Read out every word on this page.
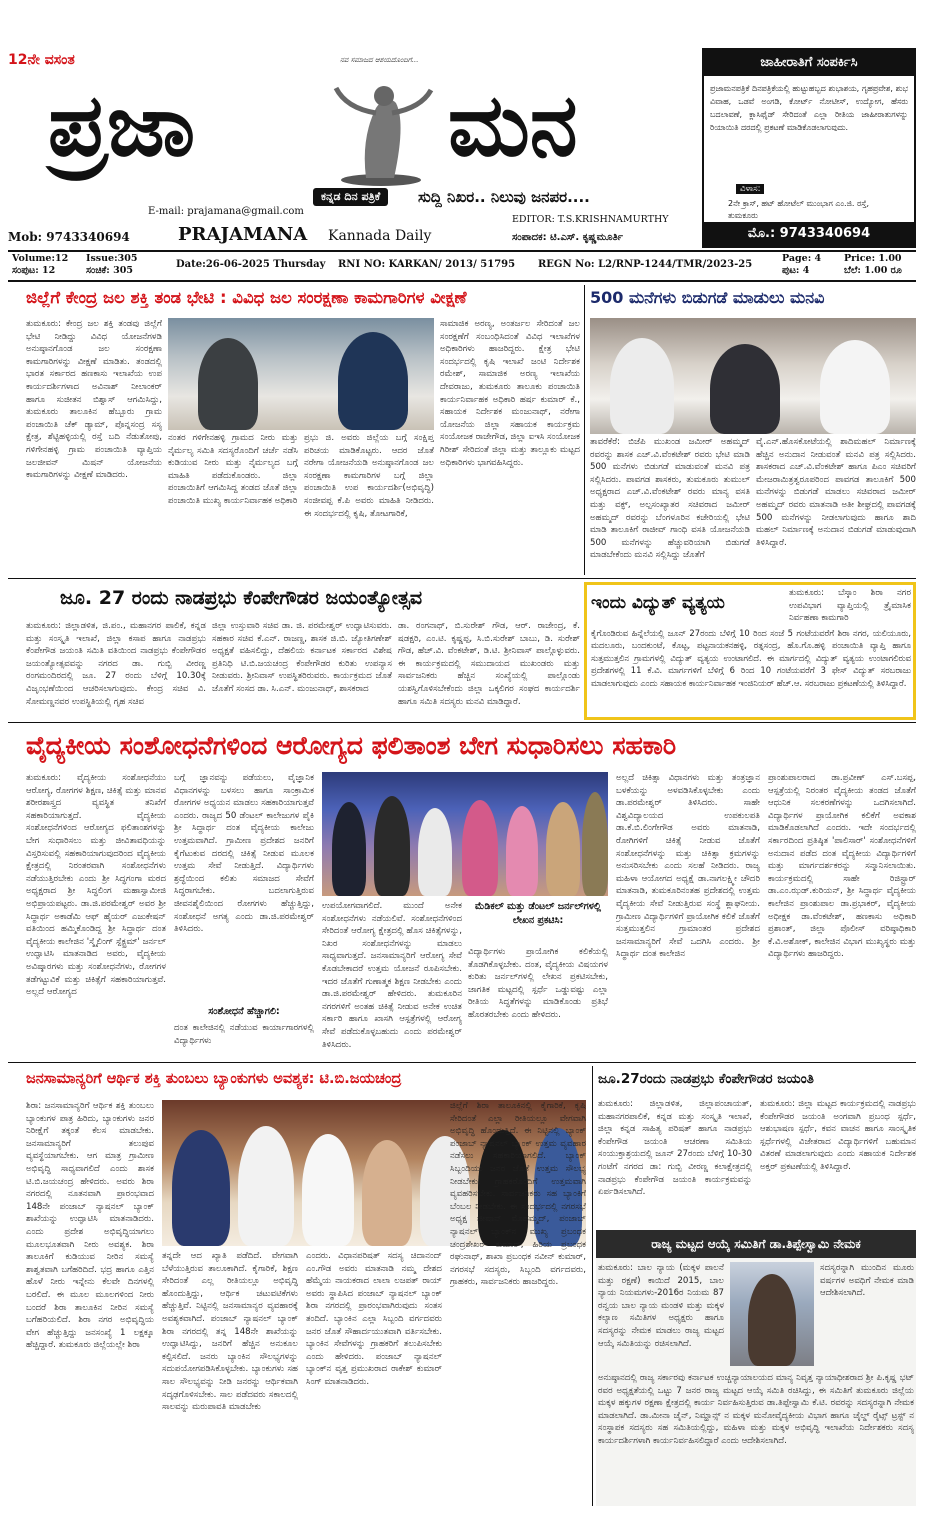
12ನೇ ವಸಂತ
ಪ್ರಜಾ
ನವ ಸಮಾಜದ ಆಶಯದೊಂದಿಗೆ...
ಮನ
ಕನ್ನಡ ದಿನ ಪತ್ರಿಕೆ	ಸುದ್ದಿ ನಿಖರ.. ನಿಲುವು ಜನಪರ....
E-mail: prajamana@gmail.com
Mob: 9743340694	PRAJAMANA Kannada Daily
EDITOR: T.S.KRISHNAMURTHY
ಸಂಪಾದಕ: ಟಿ.ಎಸ್. ಕೃಷ್ಣಮೂರ್ತಿ
ಜಾಹೀರಾತಿಗೆ ಸಂಪರ್ಕಿಸಿ
ಪ್ರಜಾಮನಪತ್ರಿಕೆ ದಿನಪತ್ರಿಕೆಯಲ್ಲಿ ಹುಟ್ಟುಹಬ್ಬದ ಶುಭಾಶಯ, ಗೃಹಪ್ರವೇಶ, ಶುಭ ವಿವಾಹ, ಒಡವೆ ಅಂಗಡಿ, ಕೋರ್ಟ್ ನೋಟೀಸ್, ಉದ್ಯೋಗ, ಹೆಸರು ಬದಲಾವಣೆ, ಕ್ಲಾಸಿಫೈಡ್ ಸೇರಿದಂತೆ ಎಲ್ಲಾ ರೀತಿಯ ಜಾಹೀರಾತುಗಳನ್ನು ರಿಯಾಯಿತಿ ದರದಲ್ಲಿ ಪ್ರಕಟಣೆ ಮಾಡಿಕೊಡಲಾಗುವುದು.
ವಿಳಾಸ:
2ನೇ ಕ್ರಾಸ್, ಹಟ್ ಹೋಟೆಲ್ ಮುಂಭಾಗ ಎಂ.ಜಿ. ರಸ್ತೆ, ತುಮಕೂರು
ಮೊ.: 9743340694
Volume:12
ಸಂಪುಟ: 12
Issue:305
ಸಂಚಿಕೆ: 305
Date:26-06-2025 Thursday RNI NO: KARKAN/ 2013/ 51795 REGN No: L2/RNP-1244/TMR/2023-25
Page: 4
ಪುಟ: 4
Price: 1.00
ಬೆಲೆ: 1.00 ರೂ
ಜಿಲ್ಲೆಗೆ ಕೇಂದ್ರ ಜಲ ಶಕ್ತಿ ತಂಡ ಭೇಟಿ : ವಿವಿಧ ಜಲ ಸಂರಕ್ಷಣಾ ಕಾಮಗಾರಿಗಳ ವೀಕ್ಷಣೆ
ತುಮಕೂರು: ಕೇಂದ್ರ ಜಲ ಶಕ್ತಿ ತಂಡವು ಜಿಲ್ಲೆಗೆ ಭೇಟಿ ನೀಡಿದ್ದು ವಿವಿಧ ಯೋಜನೆಗಳಡಿ ಅನುಷ್ಠಾನಗೊಂಡ ಜಲ ಸಂರಕ್ಷಣಾ ಕಾಮಗಾರಿಗಳನ್ನು ವೀಕ್ಷಣೆ ಮಾಡಿತು. ತಂಡದಲ್ಲಿ ಭಾರತ ಸರ್ಕಾರದ ಹಣಕಾಸು ಇಲಾಖೆಯ ಉಪ ಕಾರ್ಯದರ್ಶಿಗಳಾದ ಅವಿನಾಶ್ ನೀಲಾಂಕರ್ ಹಾಗೂ ಸುಜೀತನ ಬಿಶ್ವಾಸ್ ಆಗಮಿಸಿದ್ದು, ತುಮಕೂರು ತಾಲೂಕಿನ ಹೆಬ್ಬೂರು ಗ್ರಾಮ ಪಂಚಾಯಿತಿ ಚೆಕ್ ಡ್ಯಾಮ್, ಪೊನ್ನಸಂದ್ರ ಸಸ್ಯ ಕ್ಷೇತ್ರ, ಶೆಟ್ಟಿಹಳ್ಳಿಯಲ್ಲಿ ರಸ್ತೆ ಬದಿ ನೆಡುತೋಪು, ಗಳಿಗೇನಹಳ್ಳಿ ಗ್ರಾಮ ಪಂಚಾಯಿತಿ ವ್ಯಾಪ್ತಿಯ ಜಲಜೀವನ್ ಮಿಷನ್ ಯೋಜನೆಯ ಕಾಮಗಾರಿಗಳನ್ನು ವೀಕ್ಷಣೆ ಮಾಡಿದರು.
ನಂತರ ಗಳಿಗೇನಹಳ್ಳಿ ಗ್ರಾಮದ ನೀರು ಮತ್ತು ನೈರ್ಮಲ್ಯ ಸಮಿತಿ ಸದಸ್ಯರೊಂದಿಗೆ ಚರ್ಚೆ ನಡೆಸಿ ಕುಡಿಯುವ ನೀರು ಮತ್ತು ನೈರ್ಮಲ್ಯದ ಬಗ್ಗೆ ಮಾಹಿತಿ ಪಡೆದುಕೊಂಡರು. ಜಿಲ್ಲಾ ಪಂಚಾಯಿತಿಗೆ ಆಗಮಿಸಿದ್ದ ತಂಡದ ಜೊತೆ ಜಿಲ್ಲಾ ಪಂಚಾಯಿತಿ ಮುಖ್ಯ ಕಾರ್ಯನಿರ್ವಾಹಕ ಅಧಿಕಾರಿ
ಪ್ರಭು ಜಿ. ಅವರು ಜಿಲ್ಲೆಯ ಬಗ್ಗೆ ಸಂಕ್ಷಿಪ್ತ ಪರಿಚಯ ಮಾಡಿಕೊಟ್ಟರು. ಆದರ ಜೊತೆ ನರೇಗಾ ಯೋಜನೆಯಡಿ ಅನುಷ್ಠಾನಗೊಂಡ ಜಲ ಸಂರಕ್ಷಣಾ ಕಾಮಗಾರಿಗಳ ಬಗ್ಗೆ ಜಿಲ್ಲಾ ಪಂಚಾಯಿತಿ ಉಪ ಕಾರ್ಯದರ್ಶಿ(ಅಭಿವೃದ್ಧಿ) ಸಂಜೀವಪ್ಪ ಕೆ.ಪಿ ಅವರು ಮಾಹಿತಿ ನೀಡಿದರು. ಈ ಸಂದರ್ಭದಲ್ಲಿ ಕೃಷಿ, ತೋಟಗಾರಿಕೆ,
ಸಾಮಾಜಿಕ ಅರಣ್ಯ, ಅಂತರ್ಜಲ ಸೇರಿದಂತೆ ಜಲ ಸಂರಕ್ಷಣೆಗೆ ಸಂಬಂಧಿಸಿದಂತೆ ವಿವಿಧ ಇಲಾಖೆಗಳ ಅಧಿಕಾರಿಗಳು ಹಾಜರಿದ್ದರು. ಕ್ಷೇತ್ರ ಭೇಟಿ ಸಂದರ್ಭದಲ್ಲಿ ಕೃಷಿ ಇಲಾಖೆ ಜಂಟಿ ನಿರ್ದೇಶಕ ರಮೇಶ್, ಸಾಮಾಜಿಕ ಅರಣ್ಯ ಇಲಾಖೆಯ ದೇವರಾಜು, ತುಮಕೂರು ತಾಲೂಕು ಪಂಚಾಯಿತಿ ಕಾರ್ಯನಿರ್ವಾಹಕ ಅಧಿಕಾರಿ ಹರ್ಷ ಕುಮಾರ್ ಕೆ., ಸಹಾಯಕ ನಿರ್ದೇಶಕ ಮಂಜುನಾಥ್, ನರೇಗಾ ಯೋಜನೆಯ ಜಿಲ್ಲಾ ಸಹಾಯಕ ಕಾರ್ಯಕ್ರಮ ಸಂಯೋಜಕ ರಾಜೇಗೌಡ, ಜಿಲ್ಲಾ ಐಇಸಿ ಸಂಯೋಜಕ ಗಿರೀಶ್ ಸೇರಿದಂತೆ ಜಿಲ್ಲಾ ಮತ್ತು ತಾಲ್ಲೂಕು ಮಟ್ಟದ ಅಧಿಕಾರಿಗಳು ಭಾಗವಹಿಸಿದ್ದರು.
500 ಮನೆಗಳು ಬಿಡುಗಡೆ ಮಾಡುಲು ಮನವಿ
ತಾವರೆಕೆರೆ: ಬಿಜೆಪಿ ಮುಖಂಡ ಜಮೀರ್ ಅಹಮ್ಮದ್ ರವರನ್ನು ಶಾಸಕ ಎಚ್.ವಿ.ವೆಂಕಟೇಶ್ ರವರು ಭೇಟಿ ಮಾಡಿ 500 ಮನೆಗಳು ಬಿಡುಗಡೆ ಮಾಡುವಂತೆ ಮನವಿ ಪತ್ರ ಸಲ್ಲಿಸಿದರು. ಪಾವಗಡ ಶಾಸಕರು, ತುಮಕೂರು ತುಮುಲ್ ಅಧ್ಯಕ್ಷರಾದ ಎಚ್.ವಿ.ವೆಂಕಟೇಶ್ ರವರು ಮಾನ್ಯ ವಸತಿ ಮತ್ತು ವಕ್ಫ್, ಅಲ್ಪಸಂಖ್ಯಾತರ ಸಚಿವರಾದ ಜಮೀರ್ ಅಹಮ್ಮದ್ ರವರನ್ನು ಬೆಂಗಳೂರಿನ ಕಚೇರಿಯಲ್ಲಿ ಭೇಟಿ ಮಾಡಿ ತಾಲೂಕಿಗೆ ರಾಜೀವ್ ಗಾಂಧಿ ವಸತಿ ಯೋಜನೆಯಡಿ 500 ಮನೆಗಳನ್ನು ಹೆಚ್ಚುವರಿಯಾಗಿ ಬಿಡುಗಡೆ ಮಾಡಬೇಕೆಂದು ಮನವಿ ಸಲ್ಲಿಸಿದ್ದು ಜೊತೆಗೆ
ವೈ.ಎನ್.ಹೊಸಕೋಟೆಯಲ್ಲಿ ಶಾದಿಮಹಲ್ ನಿರ್ಮಾಣಕ್ಕೆ ಹೆಚ್ಚಿನ ಅನುದಾನ ನೀಡುವಂತೆ ಮನವಿ ಪತ್ರ ಸಲ್ಲಿಸಿದರು. ಶಾಸಕರಾದ ಎಚ್.ವಿ.ವೆಂಕಟೇಶ್ ಹಾಗೂ ಪಿಎಂ ಸಚಿವರಿಗೆ ಮೇಜರಾಮಿತ್ರತ್ವರೂಪರಿಂದ ಪಾವಗಡ ತಾಲೂಕಿಗೆ 500 ಮನೆಗಳನ್ನು ಬಿಡುಗಡೆ ಮಾಡಲು ಸಚಿವರಾದ ಜಮೀರ್ ಅಹಮ್ಮದ್ ರವರು ಮಾತನಾಡಿ ಅತೀ ಶೀಘ್ರದಲ್ಲಿ ಪಾವಗಡಕ್ಕೆ 500 ಮನೆಗಳನ್ನು ನೀಡಲಾಗುವುದು ಹಾಗೂ ಶಾದಿ ಮಹಲ್ ನಿರ್ಮಾಣಕ್ಕೆ ಅನುದಾನ ಬಿಡುಗಡೆ ಮಾಡುವುದಾಗಿ ತಿಳಿಸಿದ್ದಾರೆ.
ಜೂ. 27 ರಂದು ನಾಡಪ್ರಭು ಕೆಂಪೇಗೌಡರ ಜಯಂತ್ಯೋತ್ಸವ
ತುಮಕೂರು: ಜಿಲ್ಲಾಡಳಿತ, ಜಿ.ಪಂ., ಮಹಾನಗರ ಪಾಲಿಕೆ, ಕನ್ನಡ ಮತ್ತು ಸಂಸ್ಕೃತಿ ಇಲಾಖೆ, ಜಿಲ್ಲಾ ಕಸಾಪ ಹಾಗೂ ನಾಡಪ್ರಭು ಕೆಂಪೇಗೌಡ ಜಯಂತಿ ಸಮಿತಿ ವತಿಯಿಂದ ನಾಡಪ್ರಭು ಕೆಂಪೇಗೌಡರ ಜಯಂತ್ಯೋತ್ಸವವನ್ನು ನಗರದ ಡಾ. ಗುಬ್ಬಿ ವೀರಣ್ಣ ರಂಗಮಂದಿರದಲ್ಲಿ ಜೂ. 27 ರಂದು ಬೆಳಿಗ್ಗೆ 10.30ಕ್ಕೆ ವಿಜೃಂಭಣೆಯಿಂದ ಆಚರಿಸಲಾಗುವುದು. ಕೇಂದ್ರ ಸಚಿವ ವಿ. ಸೋಮಣ್ಣನವರ ಉಪಸ್ಥಿತಿಯಲ್ಲಿ ಗೃಹ ಸಚಿವ
ಜಿಲ್ಲಾ ಉಸ್ತುವಾರಿ ಸಚಿವ ಡಾ. ಜಿ. ಪರಮೇಶ್ವರ್ ಉದ್ಘಾಟಿಸುವರು. ಸಹಕಾರ ಸಚಿವ ಕೆ.ಎನ್. ರಾಜಣ್ಣ, ಶಾಸಕ ಜಿ.ಬಿ. ಜ್ಯೋತಿಗಣೇಶ್ ಅಧ್ಯಕ್ಷತೆ ವಹಿಸಲಿದ್ದು, ದೆಹಲಿಯ ಕರ್ನಾಟಕ ಸರ್ಕಾರದ ವಿಶೇಷ ಪ್ರತಿನಿಧಿ ಟಿ.ಬಿ.ಜಯಚಂದ್ರ ಕೆಂಪೇಗೌಡರ ಕುರಿತು ಉಪನ್ಯಾಸ ನೀಡುವರು. ಶ್ರೀನಿವಾಸ್ ಉಪಸ್ಥಿತರಿರುವರು. ಕಾರ್ಯಕ್ರಮದ ಜೊತೆ ಜೊತೆಗೆ ಸಂಸದ ಡಾ. ಸಿ.ಎನ್. ಮಂಜುನಾಥ್, ಶಾಸಕರಾದ
ಡಾ. ರಂಗನಾಥ್, ಬಿ.ಸುರೇಶ್ ಗೌಡ, ಆರ್. ರಾಜೇಂದ್ರ, ಕೆ. ಷಡಕ್ಷರಿ, ಎಂ.ಟಿ. ಕೃಷ್ಣಪ್ಪ, ಸಿ.ಬಿ.ಸುರೇಶ್ ಬಾಬು, ಡಿ. ಸುರೇಶ್ ಗೌಡ, ಹೆಚ್.ವಿ. ವೆಂಕಟೇಶ್, ಡಿ.ಟಿ. ಶ್ರೀನಿವಾಸ್ ಪಾಲ್ಗೊಳ್ಳುವರು. ಈ ಕಾರ್ಯಕ್ರಮದಲ್ಲಿ ಸಮುದಾಯದ ಮುಖಂಡರು ಮತ್ತು ಸಾರ್ವಜನಿಕರು ಹೆಚ್ಚಿನ ಸಂಖ್ಯೆಯಲ್ಲಿ ಪಾಲ್ಗೊಂಡು ಯಶಸ್ವಿಗೊಳಿಸಬೇಕೆಂದು ಜಿಲ್ಲಾ ಒಕ್ಕಲಿಗರ ಸಂಘದ ಕಾರ್ಯದರ್ಶಿ ಹಾಗೂ ಸಮಿತಿ ಸದಸ್ಯರು ಮನವಿ ಮಾಡಿದ್ದಾರೆ.
ಇಂದು ವಿದ್ಯುತ್ ವ್ಯತ್ಯಯ	ತುಮಕೂರು: ಬೆಸ್ಕಾಂ ಶಿರಾ ನಗರ ಉಪವಿಭಾಗ ವ್ಯಾಪ್ತಿಯಲ್ಲಿ ತ್ರೈಮಾಸಿಕ ನಿರ್ವಹಣಾ ಕಾಮಗಾರಿ
ಕೈಗೊಂಡಿರುವ ಹಿನ್ನೆಲೆಯಲ್ಲಿ ಜೂನ್ 27ರಂದು ಬೆಳಿಗ್ಗೆ 10 ರಿಂದ ಸಂಜೆ 5 ಗಂಟೆಯವರೆಗೆ ಶಿರಾ ನಗರ, ಯಲಿಯೂರು, ಮದಲೂರು, ಬಂದಕುಂಟೆ, ಕೊಟ್ಟ, ಪಟ್ಟನಾಯಕನಹಳ್ಳಿ, ರತ್ನಸಂದ್ರ, ಹೊ.ಗೊ.ಹಳ್ಳಿ ಪಂಚಾಯಿತಿ ವ್ಯಾಪ್ತಿ ಹಾಗೂ ಸುತ್ತಮುತ್ತಲಿನ ಗ್ರಾಮಗಳಲ್ಲಿ ವಿದ್ಯುತ್ ವ್ಯತ್ಯಯ ಉಂಟಾಗಲಿದೆ. ಈ ಮಾರ್ಗದಲ್ಲಿ ವಿದ್ಯುತ್ ವ್ಯತ್ಯಯ ಉಂಟಾಗಲಿರುವ ಪ್ರದೇಶಗಳಲ್ಲಿ 11 ಕೆ.ವಿ. ಮಾರ್ಗಗಳಿಗೆ ಬೆಳಿಗ್ಗೆ 6 ರಿಂದ 10 ಗಂಟೆಯವರೆಗೆ 3 ಫೇಸ್ ವಿದ್ಯುತ್ ಸರಬರಾಜು ಮಾಡಲಾಗುವುದು ಎಂದು ಸಹಾಯಕ ಕಾರ್ಯನಿರ್ವಾಹಕ ಇಂಜಿನಿಯರ್ ಹೆಚ್.ಆ. ಸರಬರಾಜು ಪ್ರಕಟಣೆಯಲ್ಲಿ ತಿಳಿಸಿದ್ದಾರೆ.
ವೈದ್ಯಕೀಯ ಸಂಶೋಧನೆಗಳಿಂದ ಆರೋಗ್ಯದ ಫಲಿತಾಂಶ ಬೇಗ ಸುಧಾರಿಸಲು ಸಹಕಾರಿ
ತುಮಕೂರು: ವೈದ್ಯಕೀಯ ಸಂಶೋಧನೆಯು ಆರೋಗ್ಯ, ರೋಗಗಳ ಶಿಕ್ಷಣ, ಚಿಕಿತ್ಸೆ ಮತ್ತು ಮಾನವ ಶರೀರಶಾಸ್ತ್ರದ ವ್ಯವಸ್ಥಿತ ತನಿಖೆಗೆ ಸಹಕಾರಿಯಾಗುತ್ತದೆ. ವೈದ್ಯಕೀಯ ಸಂಶೋಧನೆಗಳಿಂದ ಆರೋಗ್ಯದ ಫಲಿತಾಂಶಗಳನ್ನು ಬೇಗ ಸುಧಾರಿಸಲು ಮತ್ತು ಜೀವಿತಾವಧಿಯನ್ನು ವಿಸ್ತರಿಸುವಲ್ಲಿ ಸಹಕಾರಿಯಾಗುವುದರಿಂದ ವೈದ್ಯಕೀಯ ಕ್ಷೇತ್ರದಲ್ಲಿ ನಿರಂತರವಾಗಿ ಸಂಶೋಧನೆಗಳು ನಡೆಯುತ್ತಿರಬೇಕು ಎಂದು ಶ್ರೀ ಸಿದ್ಧಗಂಗಾ ಮಠದ ಅಧ್ಯಕ್ಷರಾದ ಶ್ರೀ ಸಿದ್ಧಲಿಂಗ ಮಹಾಸ್ವಾಮೀಜಿ ಅಭಿಪ್ರಾಯಪಟ್ಟರು. ಡಾ.ಜಿ.ಪರಮೇಶ್ವರ್ ಅವರ ಶ್ರೀ ಸಿದ್ಧಾರ್ಥ ಅಕಾಡೆಮಿ ಆಫ್ ಹೈಯರ್ ಎಜುಕೇಷನ್ ವತಿಯಿಂದ ಹಮ್ಮಿಕೊಂಡಿದ್ದ ಶ್ರೀ ಸಿದ್ಧಾರ್ಥ ದಂತ ವೈದ್ಯಕೀಯ ಕಾಲೇಜಿನ 'ಸ್ಮೈಲಿಂಗ್ ಸ್ಪೆಕ್ಟ್ರಮ್' ಜರ್ನಲ್ ಉದ್ಘಾಟಿಸಿ ಮಾತನಾಡಿದ ಅವರು, ವೈದ್ಯಕೀಯ ಅವಿಷ್ಕಾರಗಳು ಮತ್ತು ಸಂಶೋಧನೆಗಳು, ರೋಗಗಳ ತಡೆಗಟ್ಟುವಿಕೆ ಮತ್ತು ಚಿಕಿತ್ಸೆಗೆ ಸಹಕಾರಿಯಾಗುತ್ತವೆ. ಅಲ್ಲದೆ ಆರೋಗ್ಯದ
ಬಗ್ಗೆ ಜ್ಞಾನವನ್ನು ಪಡೆಯಲು, ವೈಜ್ಞಾನಿಕ ವಿಧಾನಗಳನ್ನು ಬಳಸಲು ಹಾಗೂ ಸಾಂಕ್ರಾಮಿಕ ರೋಗಗಳ ಅಧ್ಯಯನ ಮಾಡಲು ಸಹಕಾರಿಯಾಗುತ್ತವೆ ಎಂದರು. ರಾಜ್ಯದ 50 ಡೆಂಟಲ್ ಕಾಲೇಜುಗಳ ಪೈಕಿ ಶ್ರೀ ಸಿದ್ಧಾರ್ಥ ದಂತ ವೈದ್ಯಕೀಯ ಕಾಲೇಜು ಉತ್ತಮವಾಗಿದೆ. ಗ್ರಾಮೀಣ ಪ್ರದೇಶದ ಜನರಿಗೆ ಕೈಗೆಟುಕುವ ದರದಲ್ಲಿ ಚಿಕಿತ್ಸೆ ನೀಡುವ ಮೂಲಕ ಉತ್ತಮ ಸೇವೆ ನೀಡುತ್ತಿದೆ. ವಿದ್ಯಾರ್ಥಿಗಳು ಶ್ರದ್ಧೆಯಿಂದ ಕಲಿತು ಸಮಾಜದ ಸೇವೆಗೆ ಸಿದ್ಧರಾಗಬೇಕು. ಬದಲಾಗುತ್ತಿರುವ ಜೀವನಶೈಲಿಯಿಂದ ರೋಗಗಳು ಹೆಚ್ಚುತ್ತಿದ್ದು, ಸಂಶೋಧನೆ ಅಗತ್ಯ ಎಂದು ಡಾ.ಜಿ.ಪರಮೇಶ್ವರ್ ತಿಳಿಸಿದರು.
ಸಂಶೋಧನೆ ಹೆಚ್ಚಾಗಲಿ:
ದಂತ ಕಾಲೇಜಿನಲ್ಲಿ ನಡೆಯುವ ಕಾರ್ಯಾಗಾರಗಳಲ್ಲಿ ವಿದ್ಯಾರ್ಥಿಗಳು
ಉಪಯೋಗವಾಗಲಿದೆ. ಮುಂದೆ ಅನೇಕ ಸಂಶೋಧನೆಗಳು ನಡೆಯಲಿವೆ. ಸಂಶೋಧನೆಗಳಿಂದ ಸೇರಿದಂತೆ ಆರೋಗ್ಯ ಕ್ಷೇತ್ರದಲ್ಲಿ ಹೊಸ ಚಿಕಿತ್ಸೆಗಳನ್ನು, ನಿಖರ ಸಂಶೋಧನೆಗಳನ್ನು ಮಾಡಲು ಸಾಧ್ಯವಾಗುತ್ತದೆ. ಜನಸಾಮಾನ್ಯರಿಗೆ ಆರೋಗ್ಯ ಸೇವೆ ಕೊಡಬೇಕಾದರೆ ಉತ್ತಮ ಯೋಜನೆ ರೂಪಿಸಬೇಕು. ಇದರ ಜೊತೆಗೆ ಗುಣಾತ್ಮಕ ಶಿಕ್ಷಣ ನೀಡಬೇಕು ಎಂದು ಡಾ.ಜಿ.ಪರಮೇಶ್ವರ್ ಹೇಳಿದರು. ತುಮಕೂರಿನ ನಗರಗಳಿಗೆ ಅಂತಹ ಚಿಕಿತ್ಸೆ ನೀಡುವ ಅನೇಕ ಉಚಿತ ಸರ್ಕಾರಿ ಹಾಗೂ ಖಾಸಗಿ ಆಸ್ಪತ್ರೆಗಳಲ್ಲಿ ಆರೋಗ್ಯ ಸೇವೆ ಪಡೆದುಕೊಳ್ಳಬಹುದು ಎಂದು ಪರಮೇಶ್ವರ್ ತಿಳಿಸಿದರು.
ಮೆಡಿಕಲ್ ಮತ್ತು ಡೆಂಟಲ್ ಜರ್ನಲ್‌ಗಳಲ್ಲಿ ಲೇಖನ ಪ್ರಕಟಿಸಿ:
ವಿದ್ಯಾರ್ಥಿಗಳು ಪ್ರಾಯೋಗಿಕ ಕಲಿಕೆಯಲ್ಲಿ ತೊಡಗಿಕೊಳ್ಳಬೇಕು. ದಂತ, ವೈದ್ಯಕೀಯ ವಿಷಯಗಳ ಕುರಿತು ಜರ್ನಲ್‌ಗಳಲ್ಲಿ ಲೇಖನ ಪ್ರಕಟಿಸಬೇಕು, ಜಾಗತಿಕ ಮಟ್ಟದಲ್ಲಿ ಸ್ಪರ್ಧೆ ಒಡ್ಡುವಷ್ಟು ಎಲ್ಲಾ ರೀತಿಯ ಸಿದ್ಧತೆಗಳನ್ನು ಮಾಡಿಕೊಂಡು ಪ್ರತಿಭೆ ಹೊರತರಬೇಕು ಎಂದು ಹೇಳಿದರು.
ಅಲ್ಲದೆ ಚಿಕಿತ್ಸಾ ವಿಧಾನಗಳು ಮತ್ತು ತಂತ್ರಜ್ಞಾನ ಬಳಕೆಯನ್ನು ಅಳವಡಿಸಿಕೊಳ್ಳಬೇಕು ಎಂದು ಡಾ.ಪರಮೇಶ್ವರ್ ತಿಳಿಸಿದರು. ಸಾಹೇ ವಿಶ್ವವಿದ್ಯಾಲಯದ ಉಪಕುಲಪತಿ ಡಾ.ಕೆ.ಬಿ.ಲಿಂಗೇಗೌಡ ಅವರು ಮಾತನಾಡಿ, ರೋಗಿಗಳಿಗೆ ಚಿಕಿತ್ಸೆ ನೀಡುವ ಜೊತೆಗೆ ಸಂಶೋಧನೆಗಳನ್ನು ಮತ್ತು ಚಿಕಿತ್ಸಾ ಕ್ರಮಗಳನ್ನು ಅನುಸರಿಸಬೇಕು ಎಂದು ಸಲಹೆ ನೀಡಿದರು. ರಾಜ್ಯ ಮಹಿಳಾ ಆಯೋಗದ ಅಧ್ಯಕ್ಷೆ ಡಾ.ನಾಗಲಕ್ಷ್ಮೀ ಚೌದರಿ ಮಾತನಾಡಿ, ತುಮಕೂರಿನಂತಹ ಪ್ರದೇಶದಲ್ಲಿ ಉತ್ತಮ ವೈದ್ಯಕೀಯ ಸೇವೆ ನೀಡುತ್ತಿರುವ ಸಂಸ್ಥೆ ಶ್ಲಾಘನೀಯ. ಗ್ರಾಮೀಣ ವಿದ್ಯಾರ್ಥಿಗಳಿಗೆ ಪ್ರಾಯೋಗಿಕ ಕಲಿಕೆ ಜೊತೆಗೆ ಸುತ್ತಮುತ್ತಲಿನ ಗ್ರಾಮಾಂತರ ಪ್ರದೇಶದ ಜನಸಾಮಾನ್ಯರಿಗೆ ಸೇವೆ ಒದಗಿಸಿ ಎಂದರು. ಶ್ರೀ ಸಿದ್ಧಾರ್ಥ ದಂತ ಕಾಲೇಜಿನ
ಪ್ರಾಂಶುಪಾಲರಾದ ಡಾ.ಪ್ರವೀಣ್ ಎಸ್.ಬಸಪ್ಪ, ಆಸ್ಪತ್ರೆಯಲ್ಲಿ ನಿರಂತರ ವೈದ್ಯಕೀಯ ತಂಡದ ಜೊತೆಗೆ ಆಧುನಿಕ ಸಲಕರಣೆಗಳನ್ನು ಒದಗಿಸಲಾಗಿದೆ. ವಿದ್ಯಾರ್ಥಿಗಳ ಪ್ರಾಯೋಗಿಕ ಕಲಿಕೆಗೆ ಅವಕಾಶ ಮಾಡಿಕೊಡಲಾಗಿದೆ ಎಂದರು. ಇದೇ ಸಂದರ್ಭದಲ್ಲಿ ಸರ್ಕಾರದಿಂದ ಪ್ರತಿಷ್ಠಿತ 'ಪಾಲಿಸಾರ್' ಸಂಶೋಧನೆಗಳಿಗೆ ಅನುದಾನ ಪಡೆದ ದಂತ ವೈದ್ಯಕೀಯ ವಿದ್ಯಾರ್ಥಿಗಳಿಗೆ ಮತ್ತು ಮಾರ್ಗದರ್ಶಕರನ್ನು ಸನ್ಮಾನಿಸಲಾಯಿತು. ಕಾರ್ಯಕ್ರಮದಲ್ಲಿ ಸಾಹೇ ರಿಜಿಸ್ಟ್ರಾರ್ ಡಾ.ಎಂ.ಝಡ್.ಕುರಿಯನ್, ಶ್ರೀ ಸಿದ್ಧಾರ್ಥ ವೈದ್ಯಕೀಯ ಕಾಲೇಜಿನ ಪ್ರಾಂಶುಪಾಲ ಡಾ.ಪ್ರಭಾಕರ್, ವೈದ್ಯಕೀಯ ಅಧೀಕ್ಷಕ ಡಾ.ವೆಂಕಟೇಶ್, ಹಣಕಾಸು ಅಧಿಕಾರಿ ಪ್ರಶಾಂತ್, ಜಿಲ್ಲಾ ಪೊಲೀಸ್ ವರಿಷ್ಠಾಧಿಕಾರಿ ಕೆ.ವಿ.ಅಶೋಕ್, ಕಾಲೇಜಿನ ವಿಭಾಗ ಮುಖ್ಯಸ್ಥರು ಮತ್ತು ವಿದ್ಯಾರ್ಥಿಗಳು ಹಾಜರಿದ್ದರು.
ಜನಸಾಮಾನ್ಯರಿಗೆ ಆರ್ಥಿಕ ಶಕ್ತಿ ತುಂಬಲು ಬ್ಯಾಂಕುಗಳು ಅವಶ್ಯಕ: ಟಿ.ಬಿ.ಜಯಚಂದ್ರ
ಶಿರಾ: ಜನಸಾಮಾನ್ಯರಿಗೆ ಆರ್ಥಿಕ ಶಕ್ತಿ ತುಂಬಲು ಬ್ಯಾಂಕುಗಳ ಪಾತ್ರ ಹಿರಿದು, ಬ್ಯಾಂಕುಗಳು ಜನರ ನಿರೀಕ್ಷೆಗೆ ತಕ್ಕಂತೆ ಕೆಲಸ ಮಾಡಬೇಕು. ಜನಸಾಮಾನ್ಯರಿಗೆ ತಲುಪುವ ವ್ಯವಸ್ಥೆಯಾಗಬೇಕು. ಆಗ ಮಾತ್ರ ಗ್ರಾಮೀಣ ಅಭಿವೃದ್ಧಿ ಸಾಧ್ಯವಾಗಲಿದೆ ಎಂದು ಶಾಸಕ ಟಿ.ಬಿ.ಜಯಚಂದ್ರ ಹೇಳಿದರು. ಅವರು ಶಿರಾ ನಗರದಲ್ಲಿ ನೂತನವಾಗಿ ಪ್ರಾರಂಭವಾದ 148ನೇ ಪಂಜಾಬ್ ನ್ಯಾಷನಲ್ ಬ್ಯಾಂಕ್ ಶಾಖೆಯನ್ನು ಉದ್ಘಾಟಿಸಿ ಮಾತನಾಡಿದರು. ಎಂದು ಪ್ರದೇಶ ಅಭಿವೃದ್ಧಿಯಾಗಲು ಮೂಲಭೂತವಾಗಿ ನೀರು ಅವಶ್ಯಕ. ಶಿರಾ ತಾಲೂಕಿಗೆ ಕುಡಿಯುವ ನೀರಿನ ಸಮಸ್ಯೆ ಶಾಶ್ವತವಾಗಿ ಬಗೆಹರಿದಿದೆ. ಭದ್ರ ಹಾಗೂ ಎತ್ತಿನ ಹೊಳೆ ನೀರು ಇನ್ನೇನು ಕೆಲವೇ ದಿನಗಳಲ್ಲಿ ಬರಲಿದೆ. ಈ ಮೂಲ ಮೂಲಗಳಿಂದ ನೀರು ಬಂದರೆ ಶಿರಾ ತಾಲೂಕಿನ ನೀರಿನ ಸಮಸ್ಯೆ ಬಗೆಹರಿಯಲಿದೆ. ಶಿರಾ ನಗರ ಅಭಿವೃದ್ಧಿಯ ವೇಗ ಹೆಚ್ಚುತ್ತಿದ್ದು ಜನಸಂಖ್ಯೆ 1 ಲಕ್ಷಕ್ಕೂ ಹೆಚ್ಚಿದ್ದಾರೆ. ತುಮಕೂರು ಜಿಲ್ಲೆಯಲ್ಲೇ ಶಿರಾ
ತನ್ನದೇ ಆದ ಖ್ಯಾತಿ ಪಡೆದಿದೆ. ವೇಗವಾಗಿ ಬೆಳೆಯುತ್ತಿರುವ ತಾಲೂಕಾಗಿದೆ. ಕೈಗಾರಿಕೆ, ಶಿಕ್ಷಣ ಸೇರಿದಂತೆ ಎಲ್ಲ ರೀತಿಯಲ್ಲೂ ಅಭಿವೃದ್ಧಿ ಹೊಂದುತ್ತಿದ್ದು, ಆರ್ಥಿಕ ಚಟುವಟಿಕೆಗಳು ಹೆಚ್ಚುತ್ತಿವೆ. ನಿಟ್ಟಿನಲ್ಲಿ ಜನಸಾಮಾನ್ಯರ ವ್ಯವಹಾರಕ್ಕೆ ಅವಶ್ಯಕವಾಗಿದೆ. ಪಂಜಾಬ್ ನ್ಯಾಷನಲ್ ಬ್ಯಾಂಕ್ ಶಿರಾ ನಗರದಲ್ಲಿ ತನ್ನ 148ನೇ ಶಾಖೆಯನ್ನು ಉದ್ಘಾಟಿಸಿದ್ದು, ಜನರಿಗೆ ಹೆಚ್ಚಿನ ಅನುಕೂಲ ಕಲ್ಪಿಸಲಿದೆ. ಜನರು ಬ್ಯಾಂಕಿನ ಸೌಲಭ್ಯಗಳನ್ನು ಸದುಪಯೋಗಪಡಿಸಿಕೊಳ್ಳಬೇಕು. ಬ್ಯಾಂಕುಗಳು ಸಹ ಸಾಲ ಸೌಲಭ್ಯವನ್ನು ನೀಡಿ ಜನರನ್ನು ಆರ್ಥಿಕವಾಗಿ ಸದೃಢಗೊಳಿಸಬೇಕು. ಸಾಲ ಪಡೆದವರು ಸಕಾಲದಲ್ಲಿ ಸಾಲವನ್ನು ಮರುಪಾವತಿ ಮಾಡಬೇಕು
ಎಂದರು. ವಿಧಾನಪರಿಷತ್ ಸದಸ್ಯ ಚಿದಾನಂದ್ ಎಂ.ಗೌಡ ಅವರು ಮಾತನಾಡಿ ನಮ್ಮ ದೇಶದ ಹೆಮ್ಮೆಯ ನಾಯಕರಾದ ಲಾಲಾ ಲಜಪತ್ ರಾಯ್ ಅವರು ಸ್ಥಾಪಿಸಿದ ಪಂಜಾಬ್ ನ್ಯಾಷನಲ್ ಬ್ಯಾಂಕ್ ಶಿರಾ ನಗರದಲ್ಲಿ ಪ್ರಾರಂಭವಾಗಿರುವುದು ಸಂತಸ ತಂದಿದೆ. ಬ್ಯಾಂಕಿನ ಎಲ್ಲಾ ಸಿಬ್ಬಂದಿ ವರ್ಗದವರು ಜನರ ಜೊತೆ ಸೌಹಾರ್ದಯುತವಾಗಿ ವರ್ತಿಸಬೇಕು. ಬ್ಯಾಂಕಿನ ಸೇವೆಗಳನ್ನು ಗ್ರಾಹಕರಿಗೆ ತಲುಪಿಸಬೇಕು ಎಂದು ಹೇಳಿದರು. ಪಂಜಾಬ್ ನ್ಯಾಷನಲ್ ಬ್ಯಾಂಕ್‌ನ ವೃತ್ತ ಪ್ರಮುಖರಾದ ರಾಕೇಶ್ ಕುಮಾರ್ ಸಿಂಗ್ ಮಾತನಾಡಿದರು.
ಜಿಲ್ಲೆಗೆ ಶಿರಾ ತಾಲೂಕಿನಲ್ಲಿ ಕೈಗಾರಿಕೆ, ಕೃಷಿ ಸೇರಿದಂತೆ ಎಲ್ಲಾ ರೀತಿಯಲ್ಲೂ ವೇಗವಾಗಿ ಅಭಿವೃದ್ಧಿ ಹೊಂದುತ್ತಿದೆ. ಈ ನಿಟ್ಟಿನಲ್ಲಿ ಬ್ಯಾಂಕ್ ಪಂಜಾಬ್ ನ್ಯಾಷನಲ್ ಬ್ಯಾಂಕ್ ಉತ್ತಮ ವ್ಯವಹಾರ ನಡೆಸಲು ಸಹಕಾರಿಯಾಗಲಿದೆ. ಬ್ಯಾಂಕ್ ಸಿಬ್ಬಂದಿಯು ಜನರ ಜೊತೆ ಉತ್ತಮ ಸೌಲಭ್ಯ ನೀಡಬೇಕು. ಗ್ರಾಹಕರೊಂದಿಗೆ ಉತ್ತಮವಾಗಿ ವ್ಯವಹರಿಸಬೇಕು. ಸಾರ್ವಜನಿಕರು ಸಹ ಬ್ಯಾಂಕಿಗೆ ಬೆಂಬಲ ನೀಡಬೇಕು. ಈ ಸಂದರ್ಭದಲ್ಲಿ ನಗರಸಭೆ ಅಧ್ಯಕ್ಷ ಜೀಷಾನ್ ಮೊಹಮ್ಮದ್, ಪಂಜಾಬ್ ನ್ಯಾಷನಲ್ ಬ್ಯಾಂಕ್‌ನ ಮುಖ್ಯ ಪ್ರಬಂಧಕ ಚಂದ್ರಶೇಖರ್ ಕುಮಾರ್, ಹಿರಿಯ ಪ್ರಬಂಧಕ ರಘುನಾಥ್, ಶಾಖಾ ಪ್ರಬಂಧಕ ನವೀನ್ ಕುಮಾರ್, ನಗರಸಭೆ ಸದಸ್ಯರು, ಸಿಬ್ಬಂದಿ ವರ್ಗದವರು, ಗ್ರಾಹಕರು, ಸಾರ್ವಜನಿಕರು ಹಾಜರಿದ್ದರು.
ಜೂ.27ರಂದು ನಾಡಪ್ರಭು ಕೆಂಪೇಗೌಡರ ಜಯಂತಿ
ತುಮಕೂರು: ಜಿಲ್ಲಾಡಳಿತ, ಜಿಲ್ಲಾಪಂಚಾಯತ್, ಮಹಾನಗರಪಾಲಿಕೆ, ಕನ್ನಡ ಮತ್ತು ಸಂಸ್ಕೃತಿ ಇಲಾಖೆ, ಜಿಲ್ಲಾ ಕನ್ನಡ ಸಾಹಿತ್ಯ ಪರಿಷತ್ ಹಾಗೂ ನಾಡಪ್ರಭು ಕೆಂಪೇಗೌಡ ಜಯಂತಿ ಆಚರಣಾ ಸಮಿತಿಯ ಸಂಯುಕ್ತಾಶ್ರಯದಲ್ಲಿ ಜೂನ್ 27ರಂದು ಬೆಳಿಗ್ಗೆ 10-30 ಗಂಟೆಗೆ ನಗರದ ಡಾ: ಗುಬ್ಬಿ ವೀರಣ್ಣ ಕಲಾಕ್ಷೇತ್ರದಲ್ಲಿ ನಾಡಪ್ರಭು ಕೆಂಪೇಗೌಡ ಜಯಂತಿ ಕಾರ್ಯಕ್ರಮವನ್ನು ಏರ್ಪಡಿಸಲಾಗಿದೆ.
ತುಮಕೂರು: ಜಿಲ್ಲಾ ಮಟ್ಟದ ಕಾರ್ಯಕ್ರಮದಲ್ಲಿ ನಾಡಪ್ರಭು ಕೆಂಪೇಗೌಡರ ಜಯಂತಿ ಅಂಗವಾಗಿ ಪ್ರಬಂಧ ಸ್ಪರ್ಧೆ, ಆಶುಭಾಷಣ ಸ್ಪರ್ಧೆ, ಕವನ ವಾಚನ ಹಾಗೂ ಸಾಂಸ್ಕೃತಿಕ ಸ್ಪರ್ಧೆಗಳಲ್ಲಿ ವಿಜೇತರಾದ ವಿದ್ಯಾರ್ಥಿಗಳಿಗೆ ಬಹುಮಾನ ವಿತರಣೆ ಮಾಡಲಾಗುವುದು ಎಂದು ಸಹಾಯಕ ನಿರ್ದೇಶಕ ಅಕ್ತರ್ ಪ್ರಕಟಣೆಯಲ್ಲಿ ತಿಳಿಸಿದ್ದಾರೆ.
ರಾಜ್ಯ ಮಟ್ಟದ ಆಯ್ಕೆ ಸಮಿತಿಗೆ ಡಾ.ತಿಪ್ಪೇಸ್ವಾಮಿ ನೇಮಕ
ತುಮಕೂರು: ಬಾಲ ನ್ಯಾಯ (ಮಕ್ಕಳ ಪಾಲನೆ ಮತ್ತು ರಕ್ಷಣೆ) ಕಾಯಿದೆ 2015, ಬಾಲ ನ್ಯಾಯ ನಿಯಮಗಳು-2016ರ ನಿಯಮ 87 ರನ್ವಯ ಬಾಲ ನ್ಯಾಯ ಮಂಡಳಿ ಮತ್ತು ಮಕ್ಕಳ ಕಲ್ಯಾಣ ಸಮಿತಿಗಳ ಅಧ್ಯಕ್ಷರು ಹಾಗೂ ಸದಸ್ಯರನ್ನು ನೇಮಕ ಮಾಡಲು ರಾಜ್ಯ ಮಟ್ಟದ ಆಯ್ಕೆ ಸಮಿತಿಯನ್ನು ರಚಿಸಲಾಗಿದೆ.
ಸದಸ್ಯರನ್ನಾಗಿ ಮುಂದಿನ ಮೂರು ವರ್ಷಗಳ ಅವಧಿಗೆ ನೇಮಕ ಮಾಡಿ ಆದೇಶಿಸಲಾಗಿದೆ.
ಅನುಷ್ಠಾನದಲ್ಲಿ ರಾಜ್ಯ ಸರ್ಕಾರವು ಕರ್ನಾಟಕ ಉಚ್ಚನ್ಯಾಯಾಲಯದ ಮಾನ್ಯ ನಿವೃತ್ತ ನ್ಯಾಯಾಧೀಶರಾದ ಶ್ರೀ ಪಿ.ಕೃಷ್ಣ ಭಟ್ ರವರ ಅಧ್ಯಕ್ಷತೆಯಲ್ಲಿ ಒಟ್ಟು 7 ಜನರ ರಾಜ್ಯ ಮಟ್ಟದ ಆಯ್ಕೆ ಸಮಿತಿ ರಚಿಸಿದ್ದು, ಈ ಸಮಿತಿಗೆ ತುಮಕೂರು ಜಿಲ್ಲೆಯ ಮಕ್ಕಳ ಹಕ್ಕುಗಳ ರಕ್ಷಣಾ ಕ್ಷೇತ್ರದಲ್ಲಿ ಕಾರ್ಯ ನಿರ್ವಹಿಸುತ್ತಿರುವ ಡಾ.ತಿಪ್ಪೇಸ್ವಾಮಿ ಕೆ.ಟಿ. ರವರನ್ನು ಸದಸ್ಯರನ್ನಾಗಿ ನೇಮಕ ಮಾಡಲಾಗಿದೆ. ಡಾ.ಮೀನಾ ಚೈನ್, ನಿಮ್ಹಾನ್ಸ್ ನ ಮಕ್ಕಳ ಮನೋವೈದ್ಯಕೀಯ ವಿಭಾಗ ಹಾಗೂ ಚೈಲ್ಡ್ ರೈಟ್ಸ್ ಟ್ರಸ್ಟ್ ನ ಸಂಸ್ಥಾಪಕ ಸದಸ್ಯರು ಸಹ ಸಮಿತಿಯಲ್ಲಿದ್ದು, ಮಹಿಳಾ ಮತ್ತು ಮಕ್ಕಳ ಅಭಿವೃದ್ಧಿ ಇಲಾಖೆಯ ನಿರ್ದೇಶಕರು ಸದಸ್ಯ ಕಾರ್ಯದರ್ಶಿಗಳಾಗಿ ಕಾರ್ಯನಿರ್ವಹಿಸಲಿದ್ದಾರೆ ಎಂದು ಆದೇಶಿಸಲಾಗಿದೆ.
